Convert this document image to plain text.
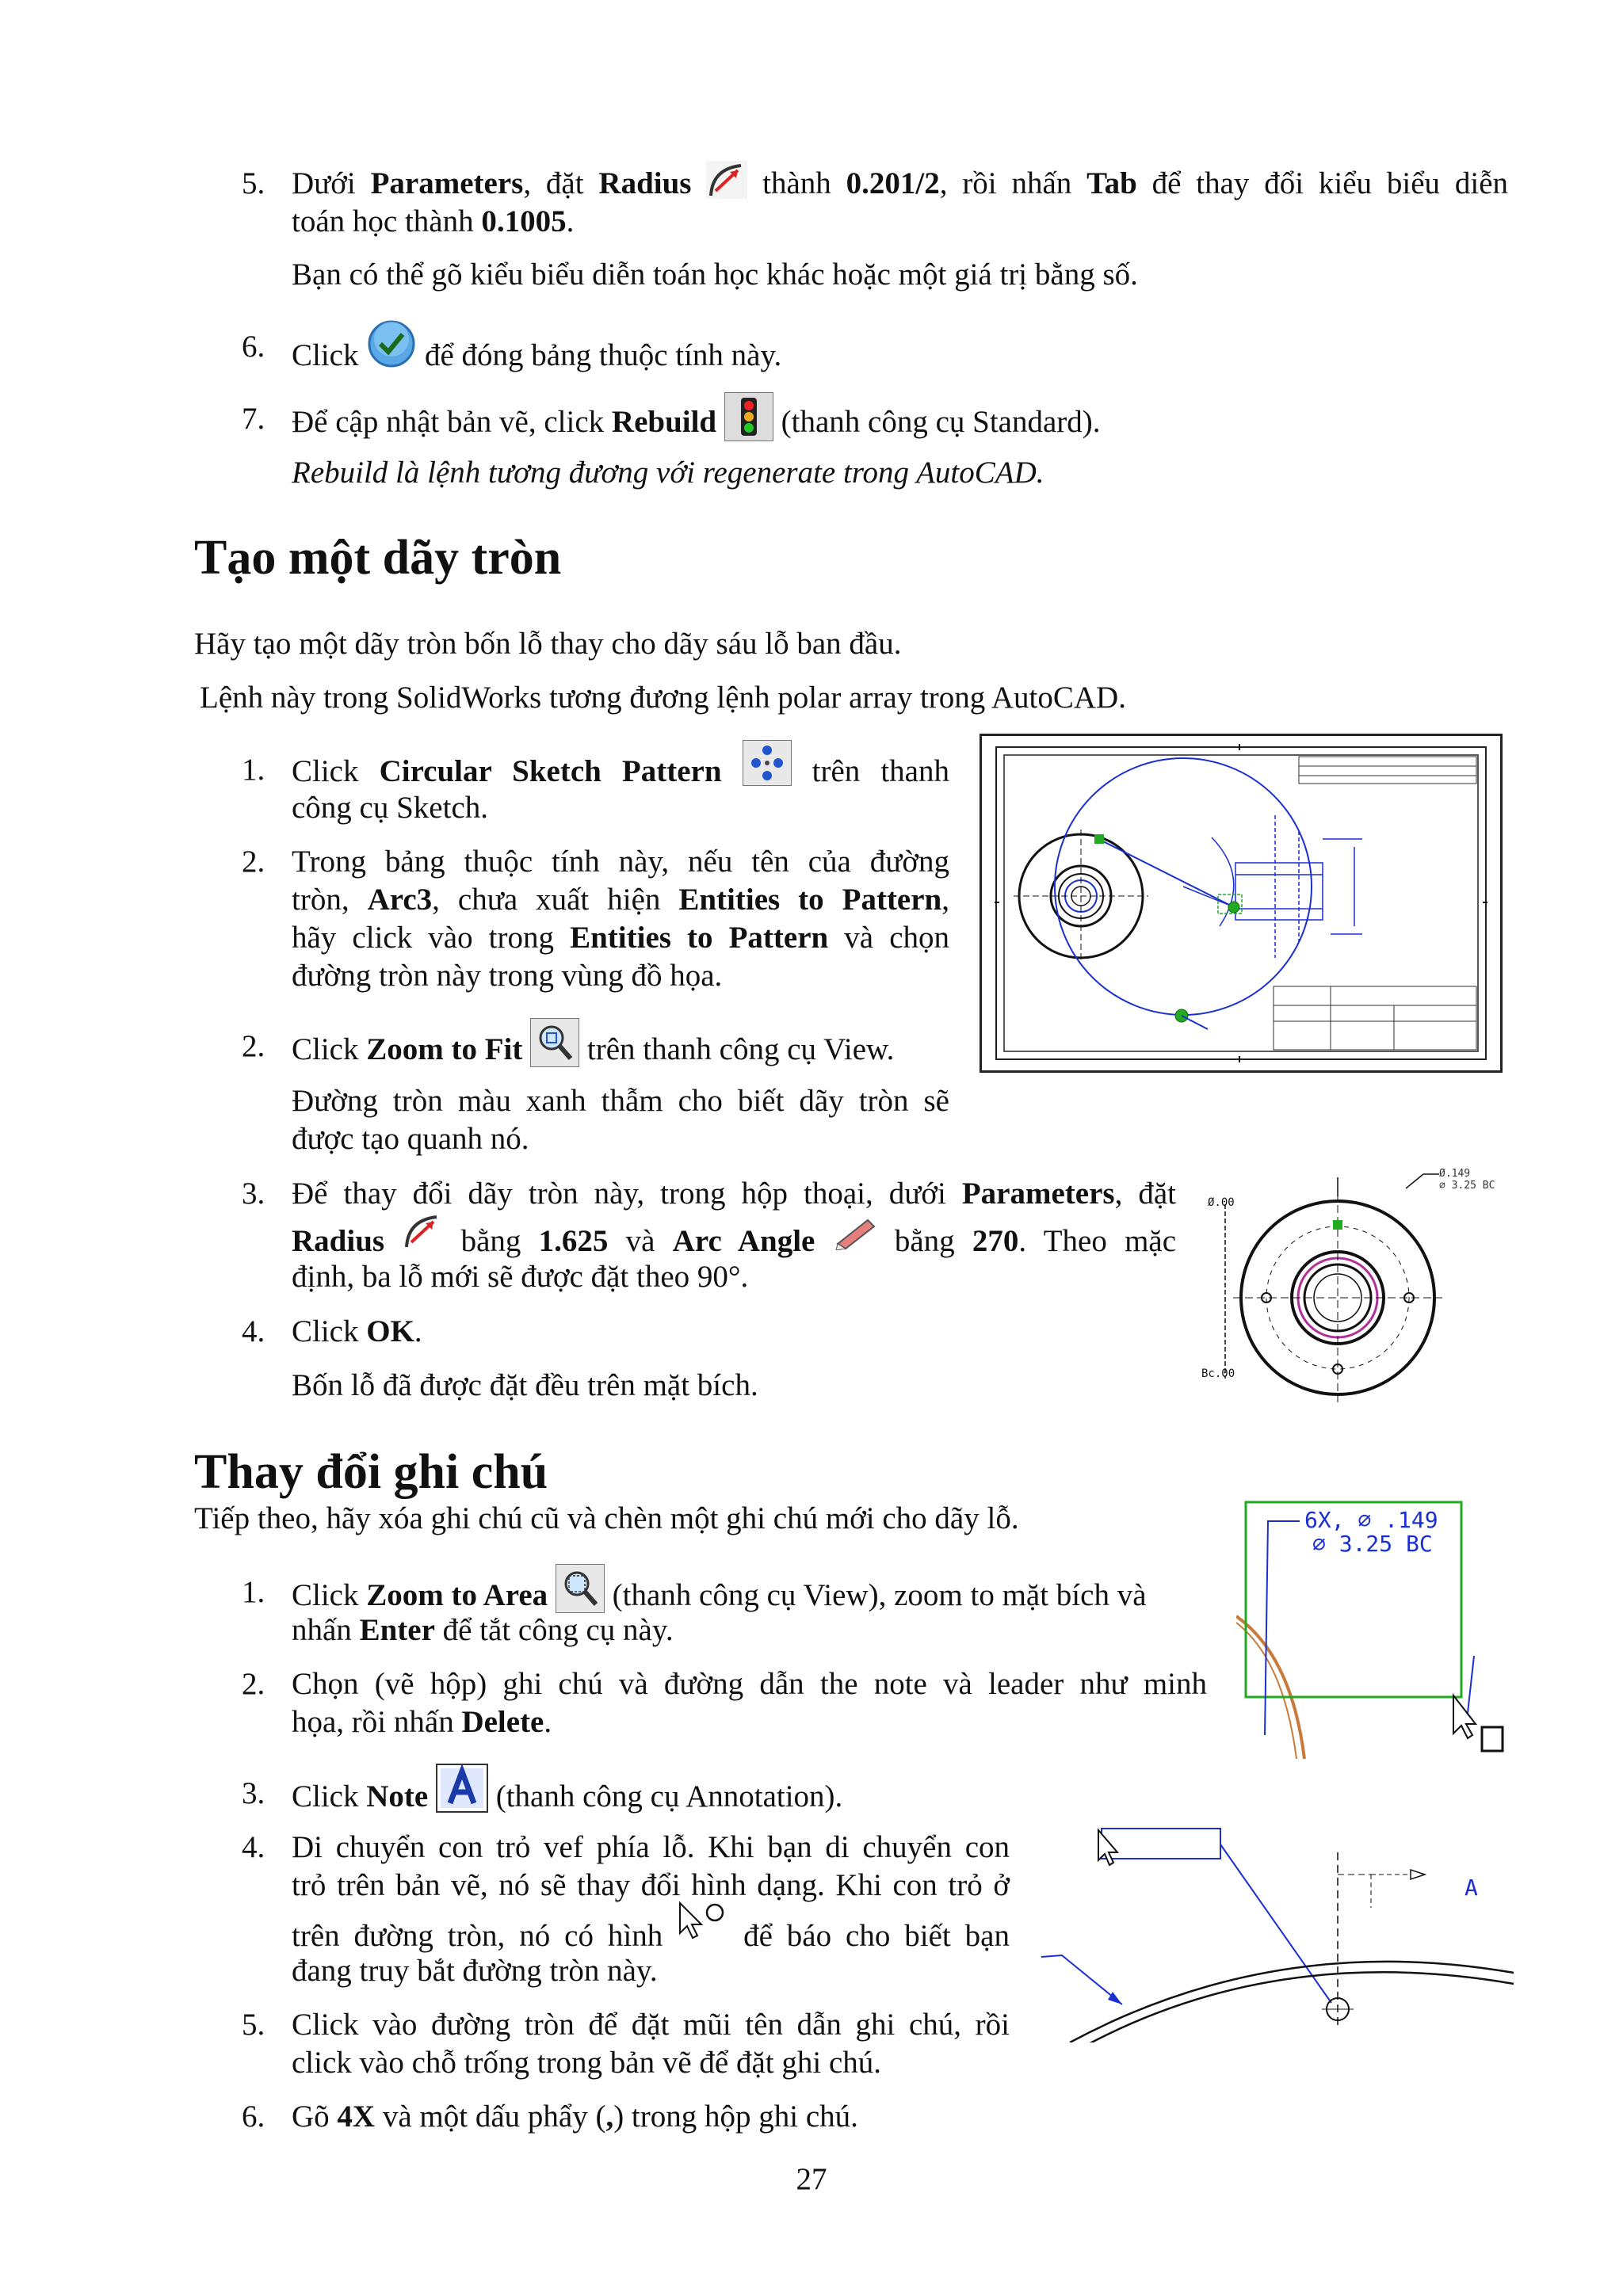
5. Dưới Parameters, đặt Radius  thành 0.201/2, rồi nhấn Tab để thay đổi kiểu biểu diễn
toán học thành 0.1005.
Bạn có thể gõ kiểu biểu diễn toán học khác hoặc một giá trị bằng số.
6. Click  để đóng bảng thuộc tính này.
7. Để cập nhật bản vẽ, click Rebuild  (thanh công cụ Standard).
Rebuild là lệnh tương đương với regenerate trong AutoCAD.
Tạo một dãy tròn
Hãy tạo một dãy tròn bốn lỗ thay cho dãy sáu lỗ ban đầu.
Lệnh này trong SolidWorks tương đương lệnh polar array trong AutoCAD.
1. Click Circular Sketch Pattern	trên thanh
công cụ Sketch.
2. Trong bảng thuộc tính này, nếu tên của đường
tròn, Arc3, chưa xuất hiện Entities to Pattern,
hãy click vào trong Entities to Pattern và chọn
đường tròn này trong vùng đồ họa.
2. Click Zoom to Fit  trên thanh công cụ View.
Đường tròn màu xanh thẫm cho biết dãy tròn sẽ
được tạo quanh nó.
3. Để thay đổi dãy tròn này, trong hộp thoại, dưới Parameters, đặt
Radius  bằng 1.625 và Arc Angle	bằng 270. Theo mặc
định, ba lỗ mới sẽ được đặt theo 90°.
4. Click OK.
Bốn lỗ đã được đặt đều trên mặt bích.
Ø.00
Bc.00
Ø.149
⌀ 3.25 BC
Thay đổi ghi chú
Tiếp theo, hãy xóa ghi chú cũ và chèn một ghi chú mới cho dãy lỗ.
1. Click Zoom to Area  (thanh công cụ View), zoom to mặt bích và
nhấn Enter để tắt công cụ này.
2. Chọn (vẽ hộp) ghi chú và đường dẫn the note và leader như minh
họa, rồi nhấn Delete.
6X, ⌀ .149
⌀ 3.25 BC
3. Click Note  (thanh công cụ Annotation).
4. Di chuyển con trỏ vef phía lỗ. Khi bạn di chuyển con
trỏ trên bản vẽ, nó sẽ thay đổi hình dạng. Khi con trỏ ở
trên đường tròn, nó có hình	để báo cho biết bạn
đang truy bắt đường tròn này.
A
5. Click vào đường tròn để đặt mũi tên dẫn ghi chú, rồi
click vào chỗ trống trong bản vẽ để đặt ghi chú.
6. Gõ 4X và một dấu phẩy (,) trong hộp ghi chú.
27
